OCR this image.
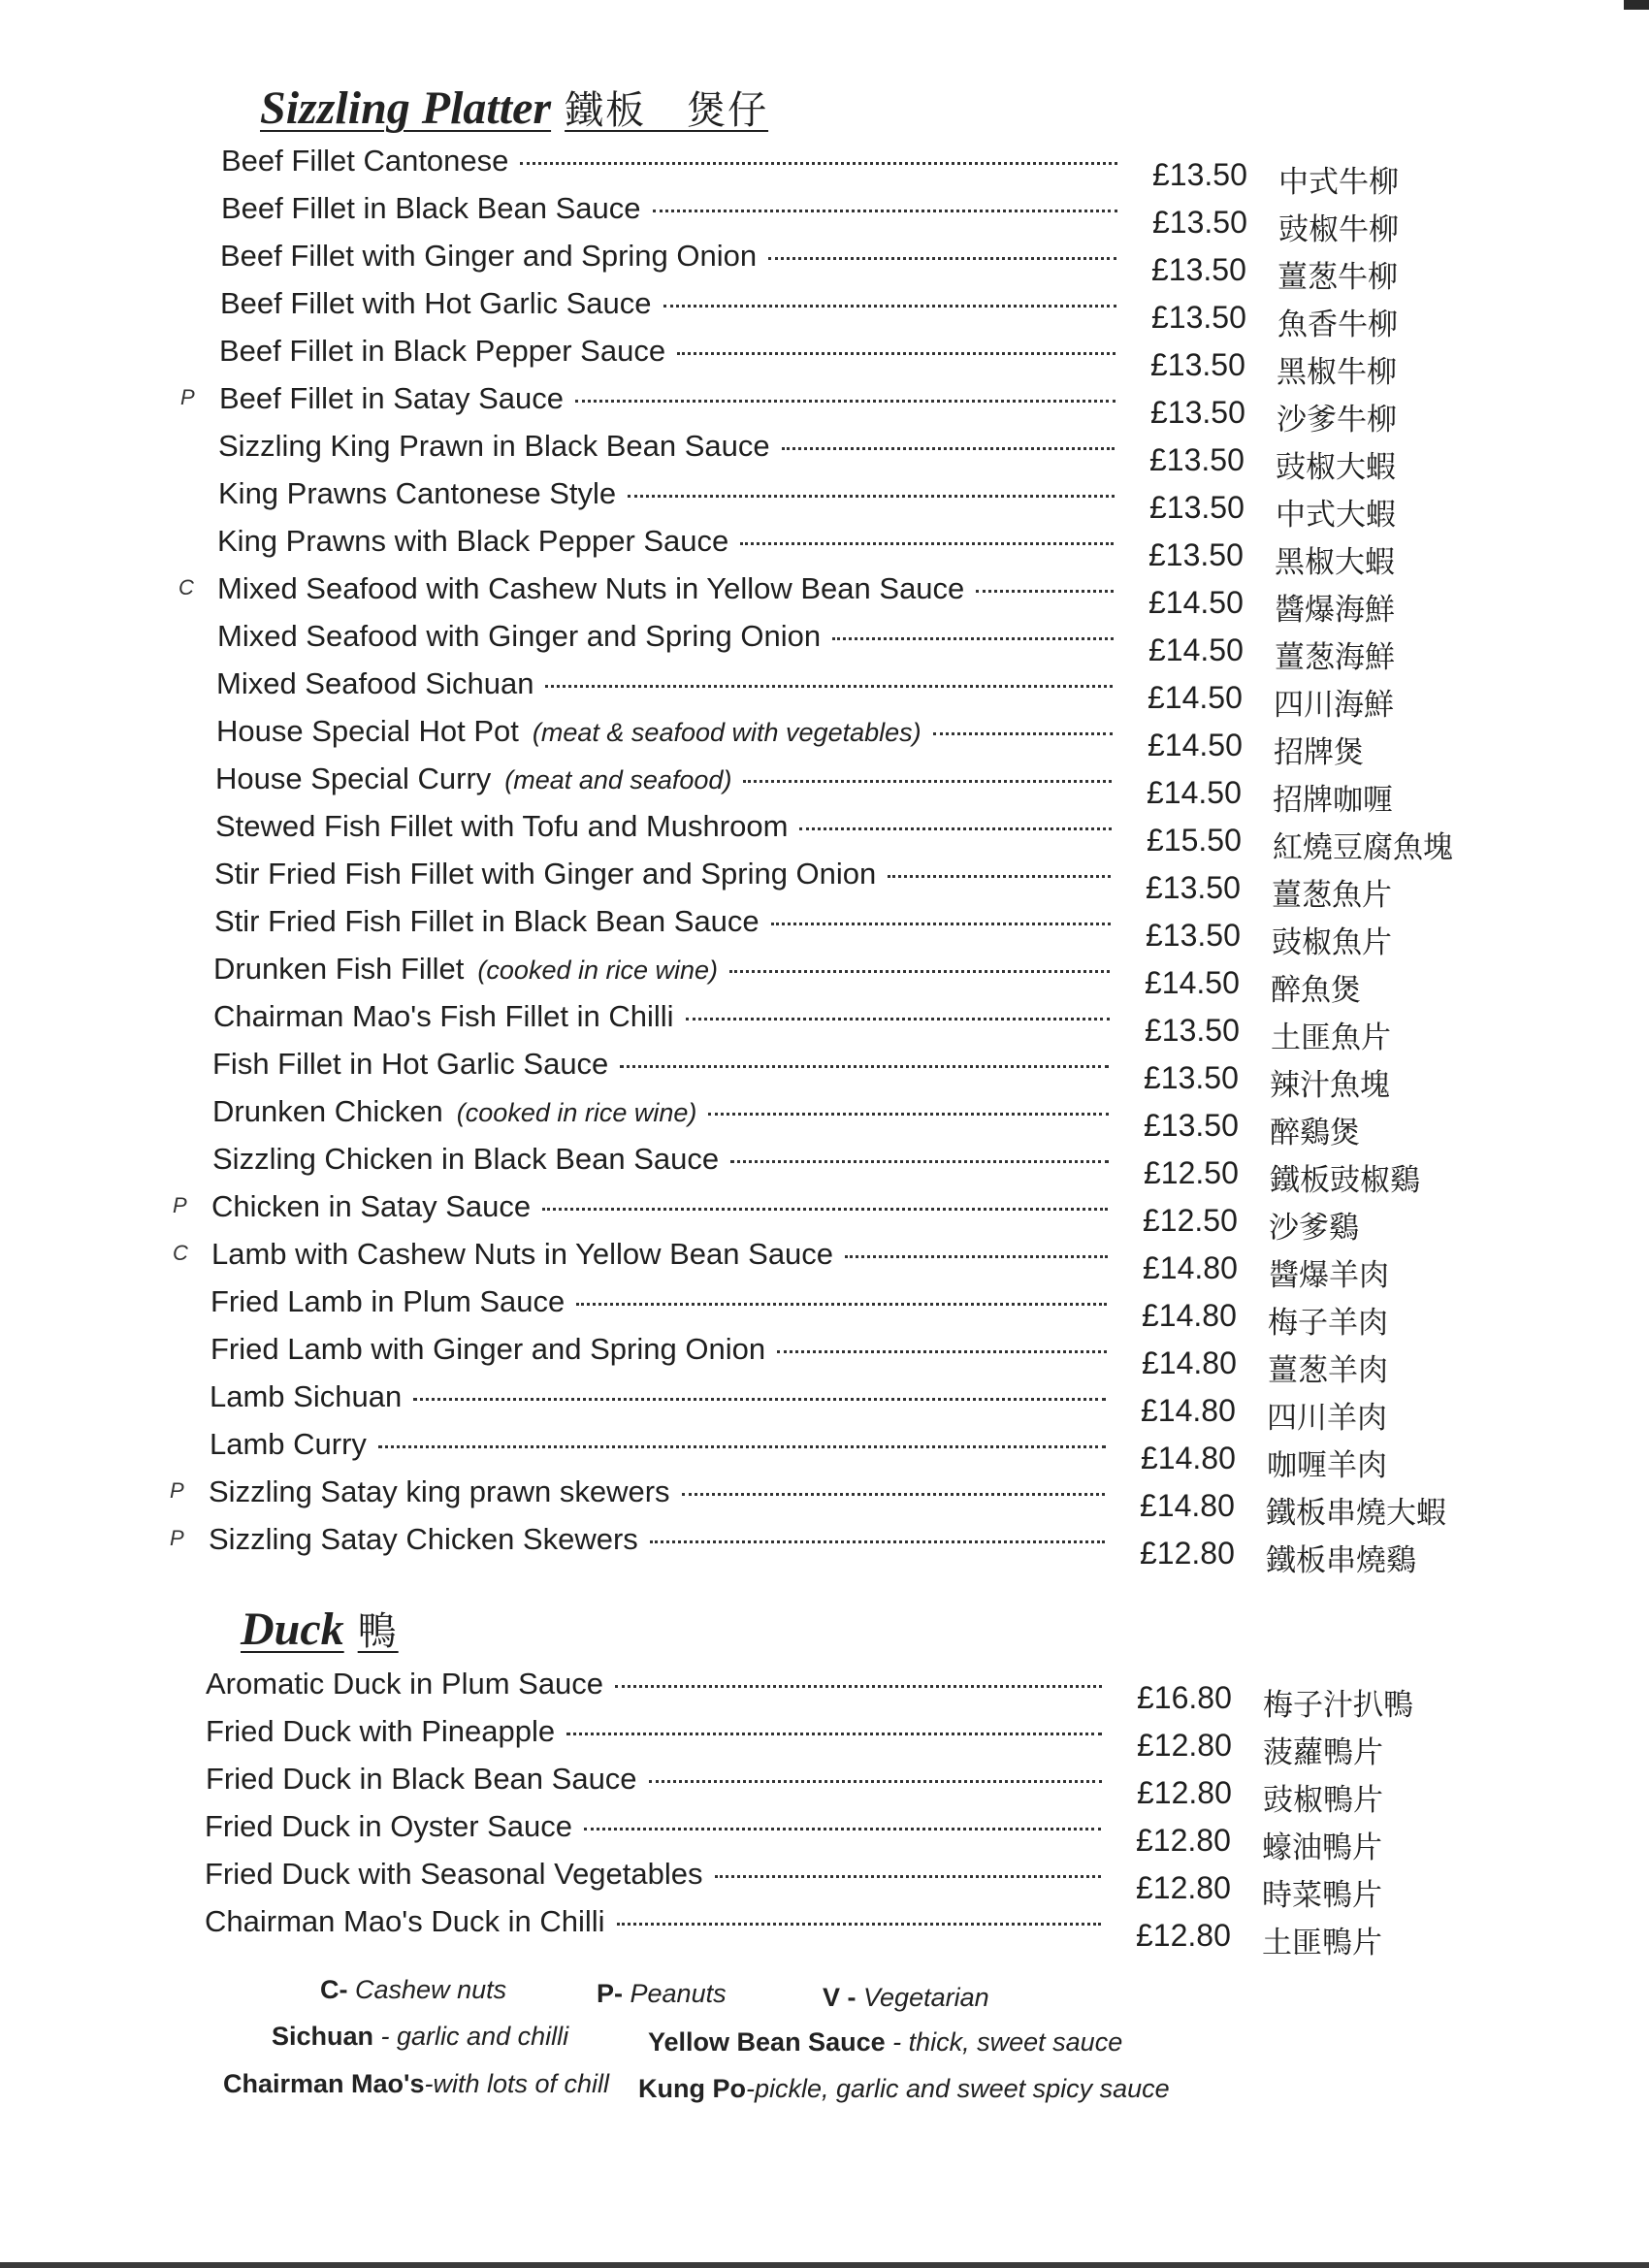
Sizzling Platter 鐵板　煲仔
Beef Fillet Cantonese	£13.50 中式牛柳
Beef Fillet in Black Bean Sauce	£13.50 豉椒牛柳
Beef Fillet with Ginger and Spring Onion	£13.50 薑葱牛柳
Beef Fillet with Hot Garlic Sauce	£13.50 魚香牛柳
Beef Fillet in Black Pepper Sauce	£13.50 黑椒牛柳
P Beef Fillet in Satay Sauce	£13.50 沙爹牛柳
Sizzling King Prawn in Black Bean Sauce	£13.50 豉椒大蝦
King Prawns Cantonese Style	£13.50 中式大蝦
King Prawns with Black Pepper Sauce	£13.50 黑椒大蝦
C Mixed Seafood with Cashew Nuts in Yellow Bean Sauce	£14.50 醬爆海鮮
Mixed Seafood with Ginger and Spring Onion	£14.50 薑葱海鮮
Mixed Seafood Sichuan	£14.50 四川海鮮
House Special Hot Pot (meat & seafood with vegetables)	£14.50 招牌煲
House Special Curry (meat and seafood)	£14.50 招牌咖喱
Stewed Fish Fillet with Tofu and Mushroom	£15.50 紅燒豆腐魚塊
Stir Fried Fish Fillet with Ginger and Spring Onion	£13.50 薑葱魚片
Stir Fried Fish Fillet in Black Bean Sauce	£13.50 豉椒魚片
Drunken Fish Fillet (cooked in rice wine)	£14.50 醉魚煲
Chairman Mao's Fish Fillet in Chilli	£13.50 土匪魚片
Fish Fillet in Hot Garlic Sauce	£13.50 辣汁魚塊
Drunken Chicken (cooked in rice wine)	£13.50 醉鷄煲
Sizzling Chicken in Black Bean Sauce	£12.50 鐵板豉椒鷄
P Chicken in Satay Sauce	£12.50 沙爹鷄
C Lamb with Cashew Nuts in Yellow Bean Sauce	£14.80 醬爆羊肉
Fried Lamb in Plum Sauce	£14.80 梅子羊肉
Fried Lamb with Ginger and Spring Onion	£14.80 薑葱羊肉
Lamb Sichuan	£14.80 四川羊肉
Lamb Curry	£14.80 咖喱羊肉
P Sizzling Satay king prawn skewers	£14.80 鐵板串燒大蝦
P Sizzling Satay Chicken Skewers	£12.80 鐵板串燒鷄
Duck 鴨
Aromatic Duck in Plum Sauce	£16.80 梅子汁扒鴨
Fried Duck with Pineapple	£12.80 菠蘿鴨片
Fried Duck in Black Bean Sauce	£12.80 豉椒鴨片
Fried Duck in Oyster Sauce	£12.80 蠔油鴨片
Fried Duck with Seasonal Vegetables	£12.80 時菜鴨片
Chairman Mao's Duck in Chilli	£12.80 土匪鴨片
C- Cashew nuts	P- Peanuts	V - Vegetarian
Sichuan - garlic and chilli	Yellow Bean Sauce - thick, sweet sauce
Chairman Mao's-with lots of chill Kung Po-pickle, garlic and sweet spicy sauce
